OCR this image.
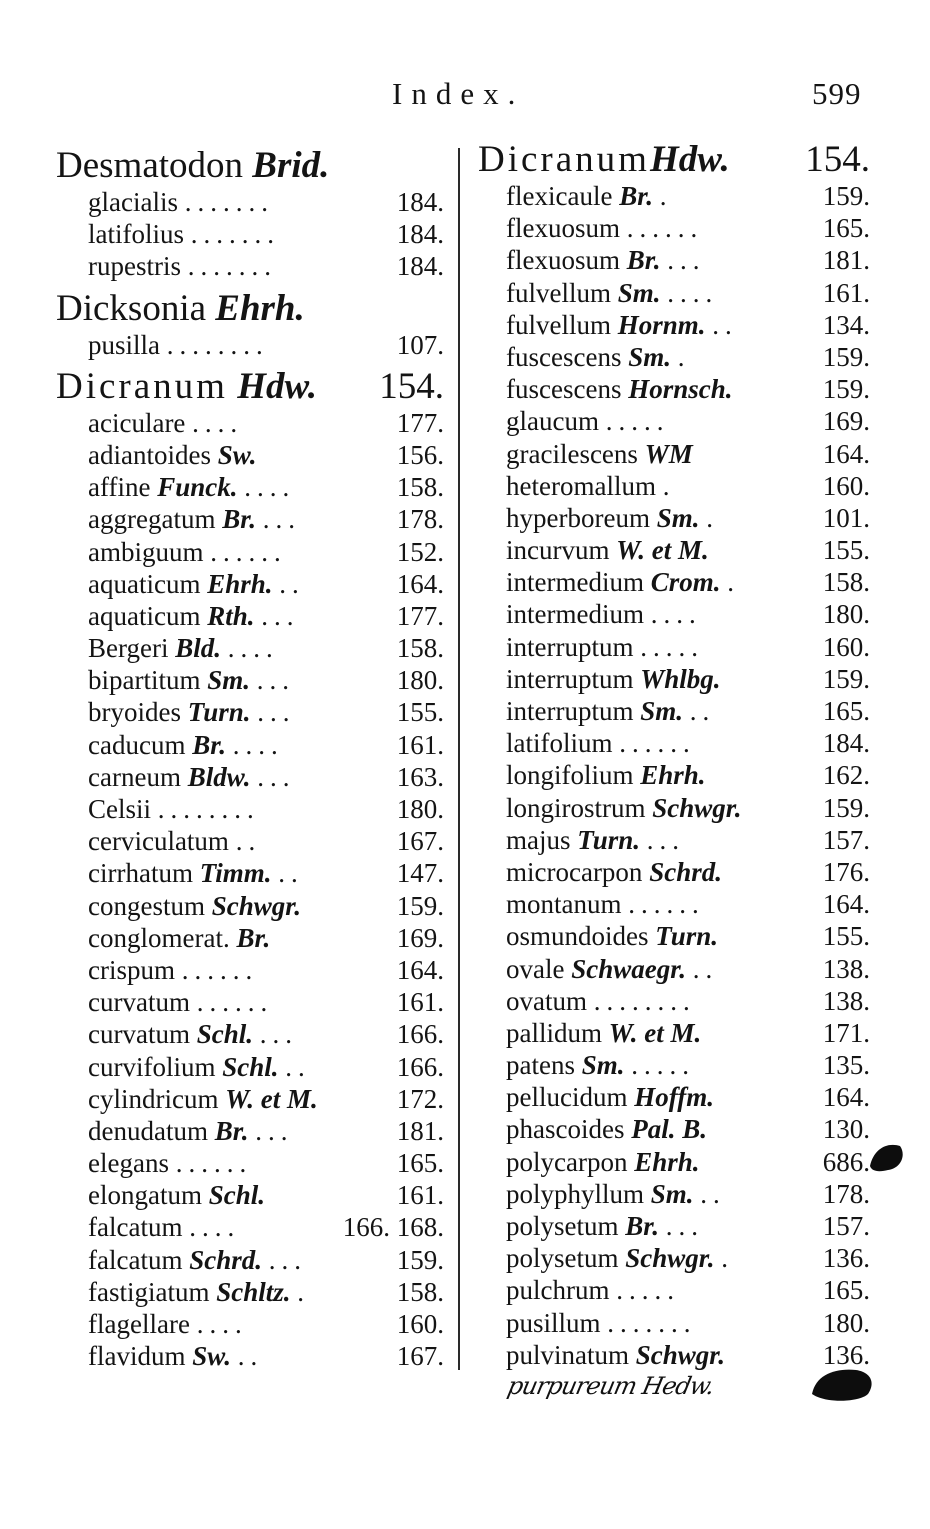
Index.	599
Desmatodon Brid.
glacialis .......	184.
latifolius .......	184.
rupestris .......	184.
Dicksonia Ehrh.
pusilla ........	107.
Dicranum Hdw. 154.
aciculare ....	177.
adiantoides Sw.	156.
affine Funck. ....	158.
aggregatum Br. ...	178.
ambiguum ......	152.
aquaticum Ehrh. ..	164.
aquaticum Rth. ...	177.
Bergeri Bld. ....	158.
bipartitum Sm. ...	180.
bryoides Turn. ...	155.
caducum Br. ....	161.
carneum Bldw. ...	163.
Celsii ........	180.
cerviculatum ..	167.
cirrhatum Timm. ..	147.
congestum Schwgr.	159.
conglomerat. Br.	169.
crispum ......	164.
curvatum ......	161.
curvatum Schl. ...	166.
curvifolium Schl. ..	166.
cylindricum W. et M.	172.
denudatum Br. ...	181.
elegans ......	165.
elongatum Schl.	161.
falcatum ....	166. 168.
falcatum Schrd. ...	159.
fastigiatum Schltz. .	158.
flagellare ....	160.
flavidum Sw. ..	167.
DicranumHdw. 154.
flexicaule Br. .	159.
flexuosum ......	165.
flexuosum Br. ...	181.
fulvellum Sm. ....	161.
fulvellum Hornm. ..	134.
fuscescens Sm. .	159.
fuscescens Hornsch.	159.
glaucum .....	169.
gracilescens WM	164.
heteromallum .	160.
hyperboreum Sm. .	101.
incurvum W. et M.	155.
intermedium Crom. .	158.
intermedium ....	180.
interruptum .....	160.
interruptum Whlbg.	159.
interruptum Sm. ..	165.
latifolium ......	184.
longifolium Ehrh.	162.
longirostrum Schwgr.	159.
majus Turn. ...	157.
microcarpon Schrd.	176.
montanum ......	164.
osmundoides Turn.	155.
ovale Schwaegr. ..	138.
ovatum ........	138.
pallidum W. et M.	171.
patens Sm. .....	135.
pellucidum Hoffm.	164.
phascoides Pal. B.	130.
polycarpon Ehrh.	686.
polyphyllum Sm. ..	178.
polysetum Br. ...	157.
polysetum Schwgr. .	136.
pulchrum .....	165.
pusillum .......	180.
pulvinatum Schwgr.	136.
purpureum Hedw.
